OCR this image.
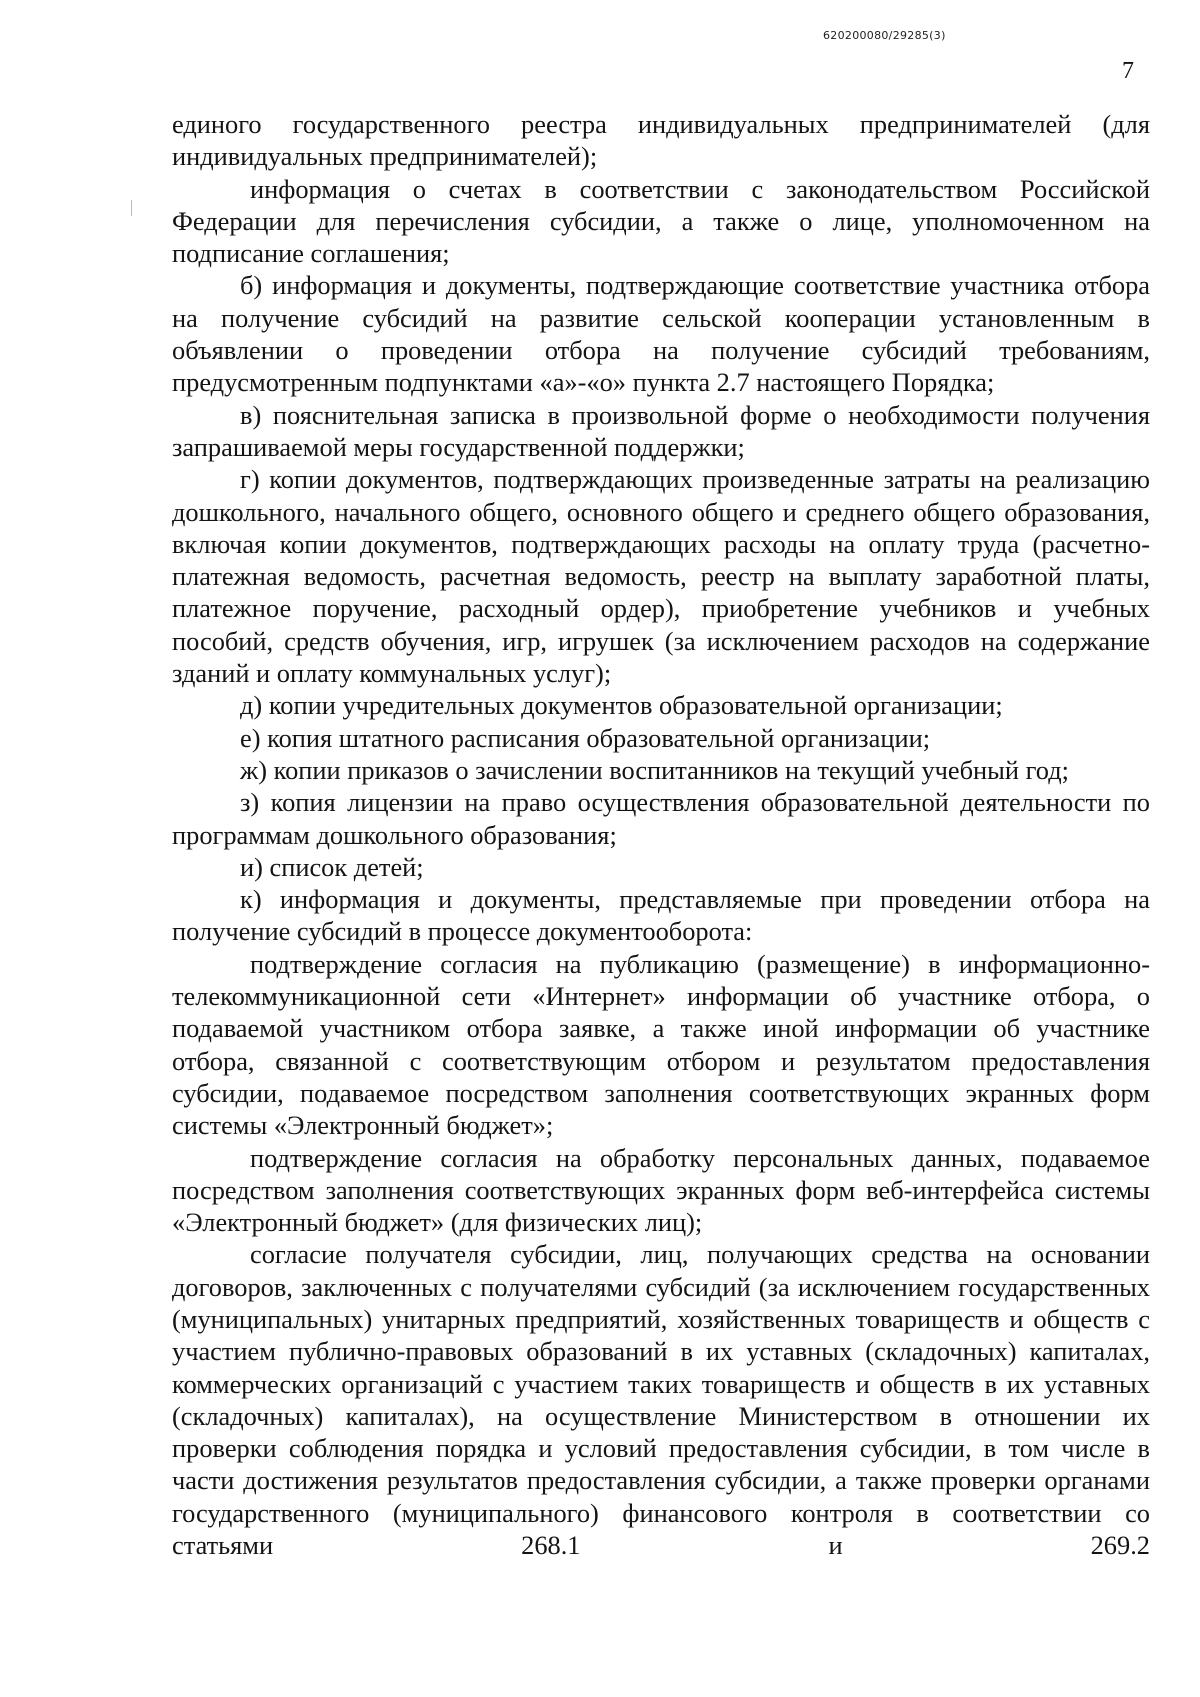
620200080/29285(3)
7

единого государственного реестра индивидуальных предпринимателей (для индивидуальных предпринимателей);

информация о счетах в соответствии с законодательством Российской Федерации для перечисления субсидии, а также о лице, уполномоченном на подписание соглашения;

б) информация и документы, подтверждающие соответствие участника отбора на получение субсидий на развитие сельской кооперации установленным в объявлении о проведении отбора на получение субсидий требованиям, предусмотренным подпунктами «а»-«о» пункта 2.7 настоящего Порядка;

в) пояснительная записка в произвольной форме о необходимости получения запрашиваемой меры государственной поддержки;

г) копии документов, подтверждающих произведенные затраты на реализацию дошкольного, начального общего, основного общего и среднего общего образования, включая копии документов, подтверждающих расходы на оплату труда (расчетно-платежная ведомость, расчетная ведомость, реестр на выплату заработной платы, платежное поручение, расходный ордер), приобретение учебников и учебных пособий, средств обучения, игр, игрушек (за исключением расходов на содержание зданий и оплату коммунальных услуг);

д) копии учредительных документов образовательной организации;

е) копия штатного расписания образовательной организации;

ж) копии приказов о зачислении воспитанников на текущий учебный год;

з) копия лицензии на право осуществления образовательной деятельности по программам дошкольного образования;

и) список детей;

к) информация и документы, представляемые при проведении отбора на получение субсидий в процессе документооборота:

подтверждение согласия на публикацию (размещение) в информационно-телекоммуникационной сети «Интернет» информации об участнике отбора, о подаваемой участником отбора заявке, а также иной информации об участнике отбора, связанной с соответствующим отбором и результатом предоставления субсидии, подаваемое посредством заполнения соответствующих экранных форм системы «Электронный бюджет»;

подтверждение согласия на обработку персональных данных, подаваемое посредством заполнения соответствующих экранных форм веб-интерфейса системы «Электронный бюджет» (для физических лиц);

согласие получателя субсидии, лиц, получающих средства на основании договоров, заключенных с получателями субсидий (за исключением государственных (муниципальных) унитарных предприятий, хозяйственных товариществ и обществ с участием публично-правовых образований в их уставных (складочных) капиталах, коммерческих организаций с участием таких товариществ и обществ в их уставных (складочных) капиталах), на осуществление Министерством в отношении их проверки соблюдения порядка и условий предоставления субсидии, в том числе в части достижения результатов предоставления субсидии, а также проверки органами государственного (муниципального) финансового контроля в соответствии со статьями 268.1 и 269.2
